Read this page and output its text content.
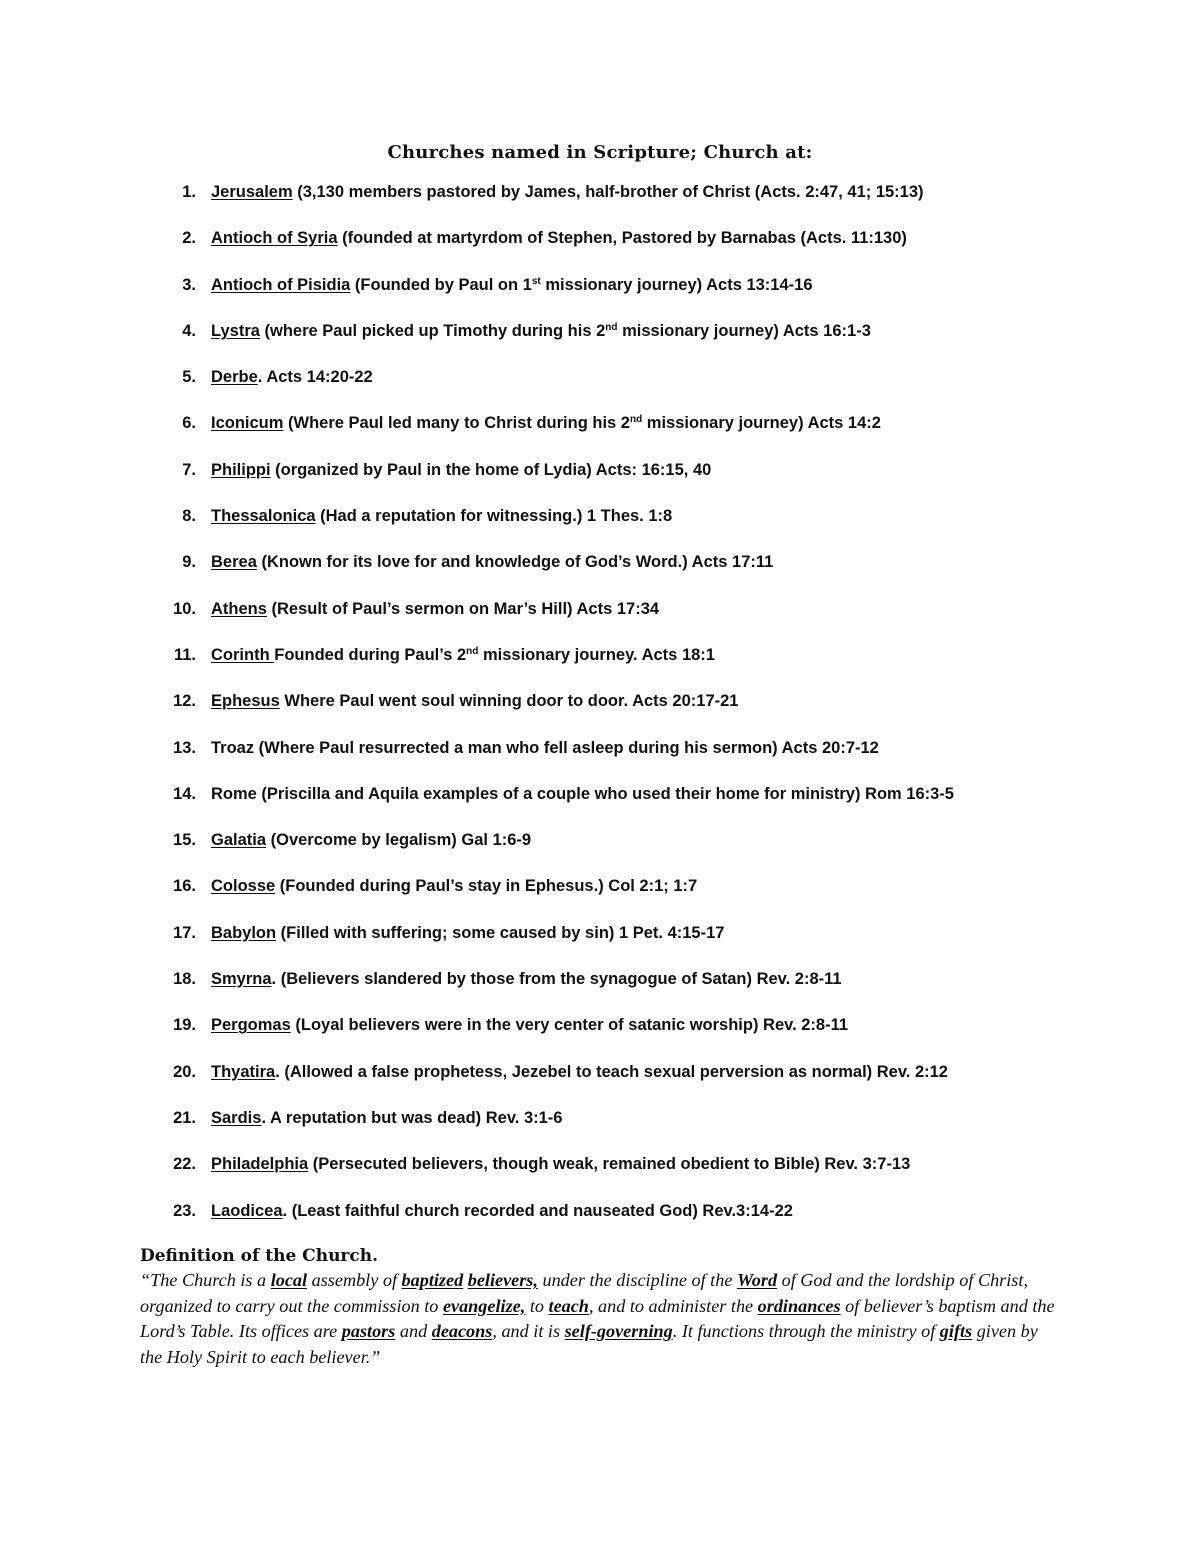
Churches named in Scripture; Church at:
1. Jerusalem (3,130 members pastored by James, half-brother of Christ (Acts. 2:47, 41; 15:13)
2. Antioch of Syria (founded at martyrdom of Stephen, Pastored by Barnabas (Acts. 11:130)
3. Antioch of Pisidia (Founded by Paul on 1st missionary journey) Acts 13:14-16
4. Lystra (where Paul picked up Timothy during his 2nd missionary journey) Acts 16:1-3
5. Derbe. Acts 14:20-22
6. Iconicum (Where Paul led many to Christ during his 2nd missionary journey) Acts 14:2
7. Philippi (organized by Paul in the home of Lydia) Acts: 16:15, 40
8. Thessalonica (Had a reputation for witnessing.) 1 Thes. 1:8
9. Berea (Known for its love for and knowledge of God’s Word.) Acts 17:11
10. Athens (Result of Paul’s sermon on Mar’s Hill) Acts 17:34
11. Corinth Founded during Paul’s 2nd missionary journey. Acts 18:1
12. Ephesus Where Paul went soul winning door to door. Acts 20:17-21
13. Troaz (Where Paul resurrected a man who fell asleep during his sermon) Acts 20:7-12
14. Rome (Priscilla and Aquila examples of a couple who used their home for ministry) Rom 16:3-5
15. Galatia (Overcome by legalism) Gal 1:6-9
16. Colosse (Founded during Paul’s stay in Ephesus.) Col 2:1; 1:7
17. Babylon (Filled with suffering; some caused by sin) 1 Pet. 4:15-17
18. Smyrna. (Believers slandered by those from the synagogue of Satan) Rev. 2:8-11
19. Pergomas (Loyal believers were in the very center of satanic worship) Rev. 2:8-11
20. Thyatira. (Allowed a false prophetess, Jezebel to teach sexual perversion as normal) Rev. 2:12
21. Sardis. A reputation but was dead) Rev. 3:1-6
22. Philadelphia (Persecuted believers, though weak, remained obedient to Bible) Rev. 3:7-13
23. Laodicea. (Least faithful church recorded and nauseated God) Rev.3:14-22
Definition of the Church.
“The Church is a local assembly of baptized believers, under the discipline of the Word of God and the lordship of Christ, organized to carry out the commission to evangelize, to teach, and to administer the ordinances of believer’s baptism and the Lord’s Table. Its offices are pastors and deacons, and it is self-governing. It functions through the ministry of gifts given by the Holy Spirit to each believer.”
